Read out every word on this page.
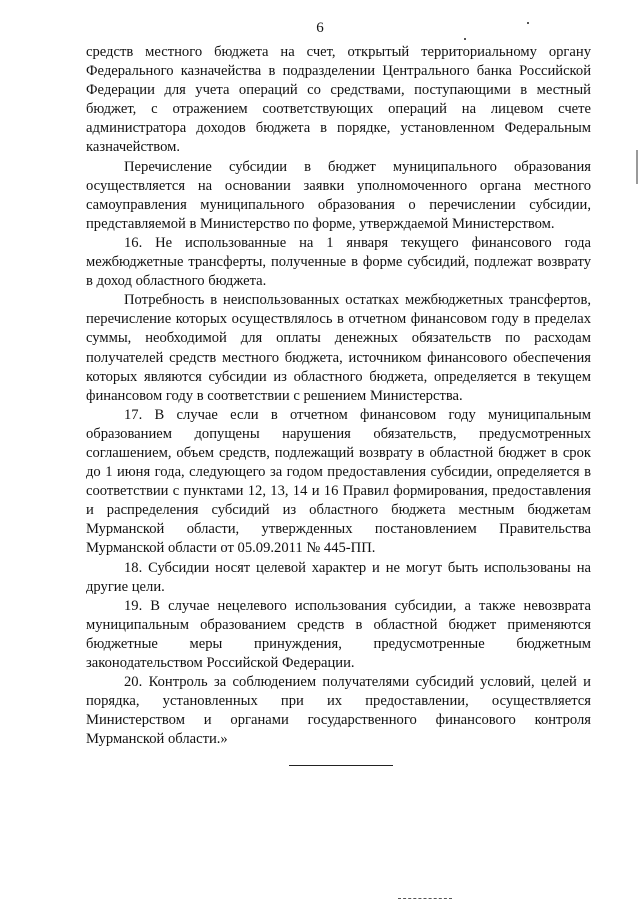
6

средств местного бюджета на счет, открытый территориальному органу Федерального казначейства в подразделении Центрального банка Российской Федерации для учета операций со средствами, поступающими в местный бюджет, с отражением соответствующих операций на лицевом счете администратора доходов бюджета в порядке, установленном Федеральным казначейством.

Перечисление субсидии в бюджет муниципального образования осуществляется на основании заявки уполномоченного органа местного самоуправления муниципального образования о перечислении субсидии, представляемой в Министерство по форме, утверждаемой Министерством.

16. Не использованные на 1 января текущего финансового года межбюджетные трансферты, полученные в форме субсидий, подлежат возврату в доход областного бюджета.

Потребность в неиспользованных остатках межбюджетных трансфертов, перечисление которых осуществлялось в отчетном финансовом году в пределах суммы, необходимой для оплаты денежных обязательств по расходам получателей средств местного бюджета, источником финансового обеспечения которых являются субсидии из областного бюджета, определяется в текущем финансовом году в соответствии с решением Министерства.

17. В случае если в отчетном финансовом году муниципальным образованием допущены нарушения обязательств, предусмотренных соглашением, объем средств, подлежащий возврату в областной бюджет в срок до 1 июня года, следующего за годом предоставления субсидии, определяется в соответствии с пунктами 12, 13, 14 и 16 Правил формирования, предоставления и распределения субсидий из областного бюджета местным бюджетам Мурманской области, утвержденных постановлением Правительства Мурманской области от 05.09.2011 № 445-ПП.

18. Субсидии носят целевой характер и не могут быть использованы на другие цели.

19. В случае нецелевого использования субсидии, а также невозврата муниципальным образованием средств в областной бюджет применяются бюджетные меры принуждения, предусмотренные бюджетным законодательством Российской Федерации.

20. Контроль за соблюдением получателями субсидий условий, целей и порядка, установленных при их предоставлении, осуществляется Министерством и органами государственного финансового контроля Мурманской области.»
